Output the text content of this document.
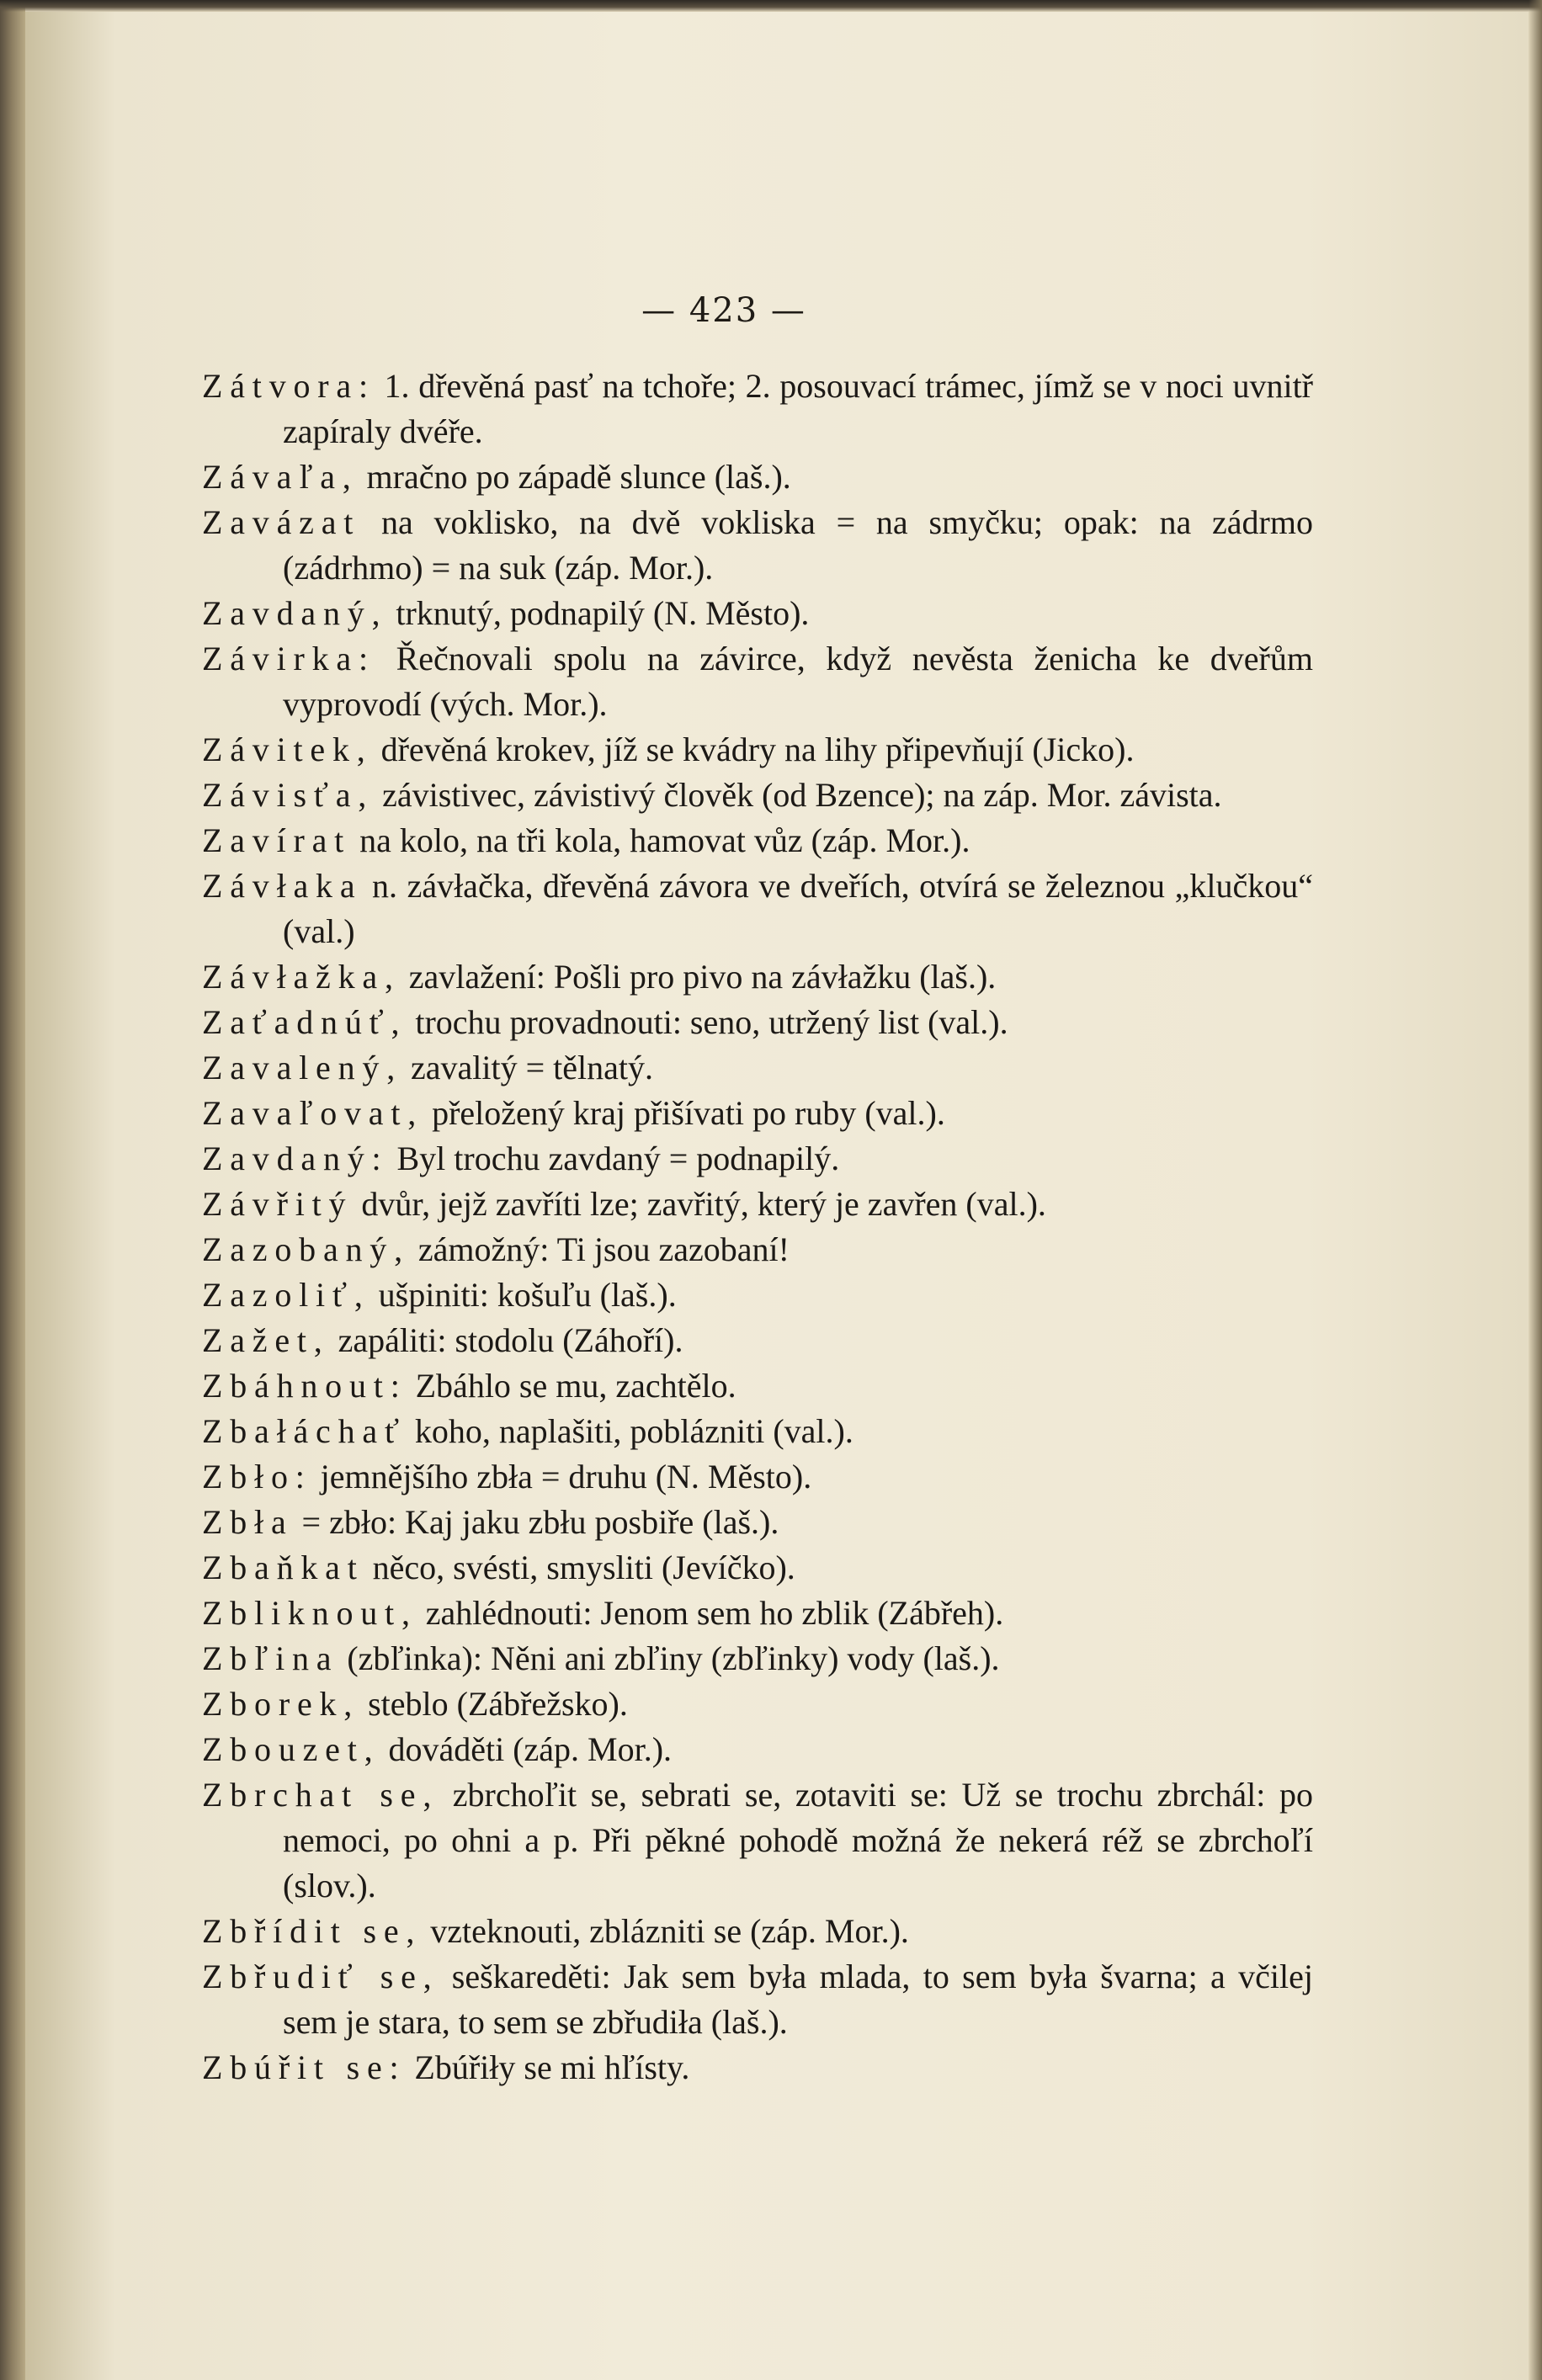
— 423 —

Zátvora: 1. dřevěná pasť na tchoře; 2. posouvací trámec, jímž se v noci uvnitř zapíraly dvéře.

Závaľa, mračno po západě slunce (laš.).

Zavázat na voklisko, na dvě vokliska = na smyčku; opak: na zádrmo (zádrhmo) = na suk (záp. Mor.).

Zavdaný, trknutý, podnapilý (N. Město).

Závirka: Řečnovali spolu na závirce, když nevěsta ženicha ke dveřům vyprovodí (vých. Mor.).

Závitek, dřevěná krokev, jíž se kvádry na lihy připevňují (Jicko).

Závisťa, závistivec, závistivý člověk (od Bzence); na záp. Mor. závista.

Zavírat na kolo, na tři kola, hamovat vůz (záp. Mor.).

Závłaka n. závłačka, dřevěná závora ve dveřích, otvírá se železnou „klučkou“ (val.)

Závłažka, zavlažení: Pošli pro pivo na závłažku (laš.).

Zaťadnúť, trochu provadnouti: seno, utržený list (val.).

Zavalený, zavalitý = tělnatý.

Zavaľovat, přeložený kraj přišívati po ruby (val.).

Zavdaný: Byl trochu zavdaný = podnapilý.

Závřitý dvůr, jejž zavříti lze; zavřitý, který je zavřen (val.).

Zazobaný, zámožný: Ti jsou zazobaní!

Zazoliť, ušpiniti: košuľu (laš.).

Zažet, zapáliti: stodolu (Záhoří).

Zbáhnout: Zbáhlo se mu, zachtělo.

Zbałáchať koho, naplašiti, poblázniti (val.).

Zbło: jemnějšího zbła = druhu (N. Město).

Zbła = zbło: Kaj jaku zbłu posbiře (laš.).

Zbaňkat něco, svésti, smysliti (Jevíčko).

Zbliknout, zahlédnouti: Jenom sem ho zblik (Zábřeh).

Zbľina (zbľinka): Něni ani zbľiny (zbľinky) vody (laš.).

Zborek, steblo (Zábřežsko).

Zbouzet, dováděti (záp. Mor.).

Zbrchat se, zbrchoľit se, sebrati se, zotaviti se: Už se trochu zbrchál: po nemoci, po ohni a p. Při pěkné pohodě možná že nekerá réž se zbrchoľí (slov.).

Zbřídit se, vzteknouti, zblázniti se (záp. Mor.).

Zbřudiť se, seškareděti: Jak sem była mlada, to sem była švarna; a včilej sem je stara, to sem se zbřudiła (laš.).

Zbúřit se: Zbúřiły se mi hľísty.
